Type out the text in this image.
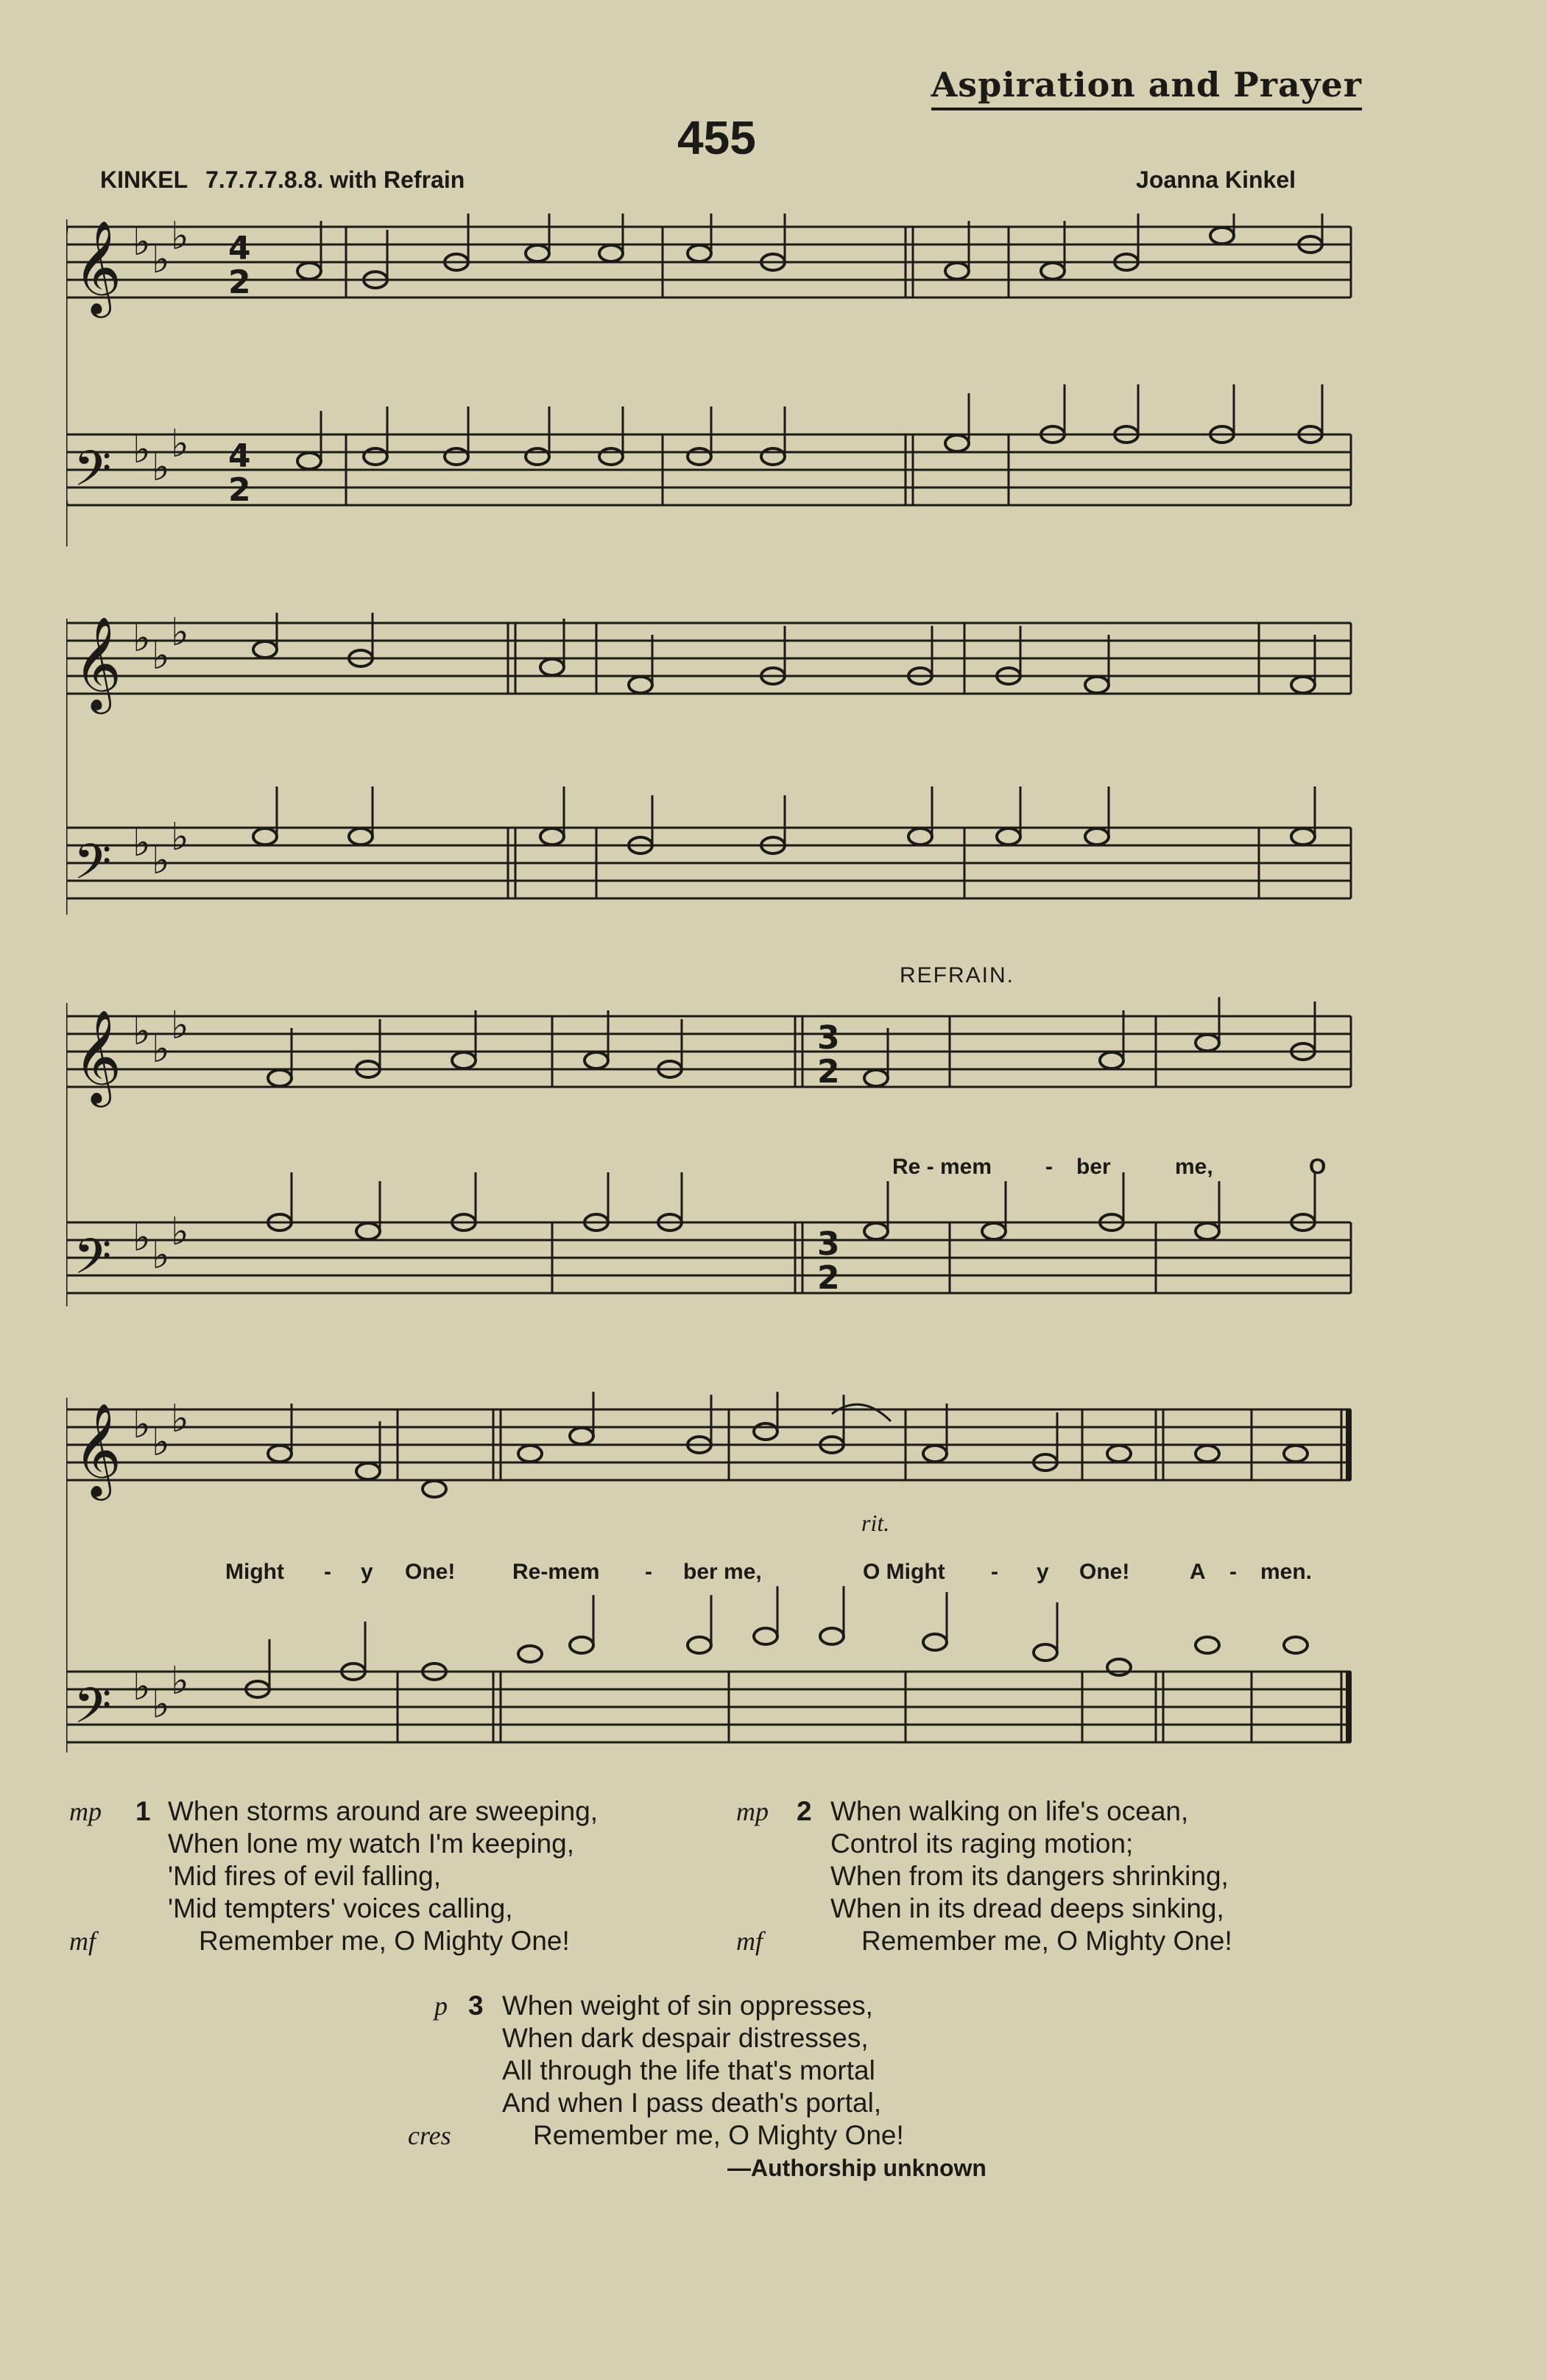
Aspiration and Prayer
455
KINKEL 7.7.7.7.8.8. with Refrain	Joanna Kinkel
𝄞
𝄢
♭ ♭
♭
♭ ♭
♭
4
2
4
2
𝄞
𝄢
♭ ♭
♭
♭ ♭
♭
REFRAIN.
𝄞
𝄢
♭ ♭
♭
♭ ♭
♭
3
2
3
2
Re - mem - ber	me,	O
𝄞
𝄢
♭ ♭
♭
♭ ♭
♭
rit.
Might - y One!	Re-mem - ber me,	O Might - y One!	A - men.
mp 1 When storms around are sweeping,
When lone my watch I'm keeping,
'Mid fires of evil falling,
'Mid tempters' voices calling,
Remember me, O Mighty One!
mf
mp 2 When walking on life's ocean,
Control its raging motion;
When from its dangers shrinking,
When in its dread deeps sinking,
Remember me, O Mighty One!
mf
p 3 When weight of sin oppresses,
When dark despair distresses,
All through the life that's mortal
And when I pass death's portal,
Remember me, O Mighty One!
cres
—Authorship unknown
